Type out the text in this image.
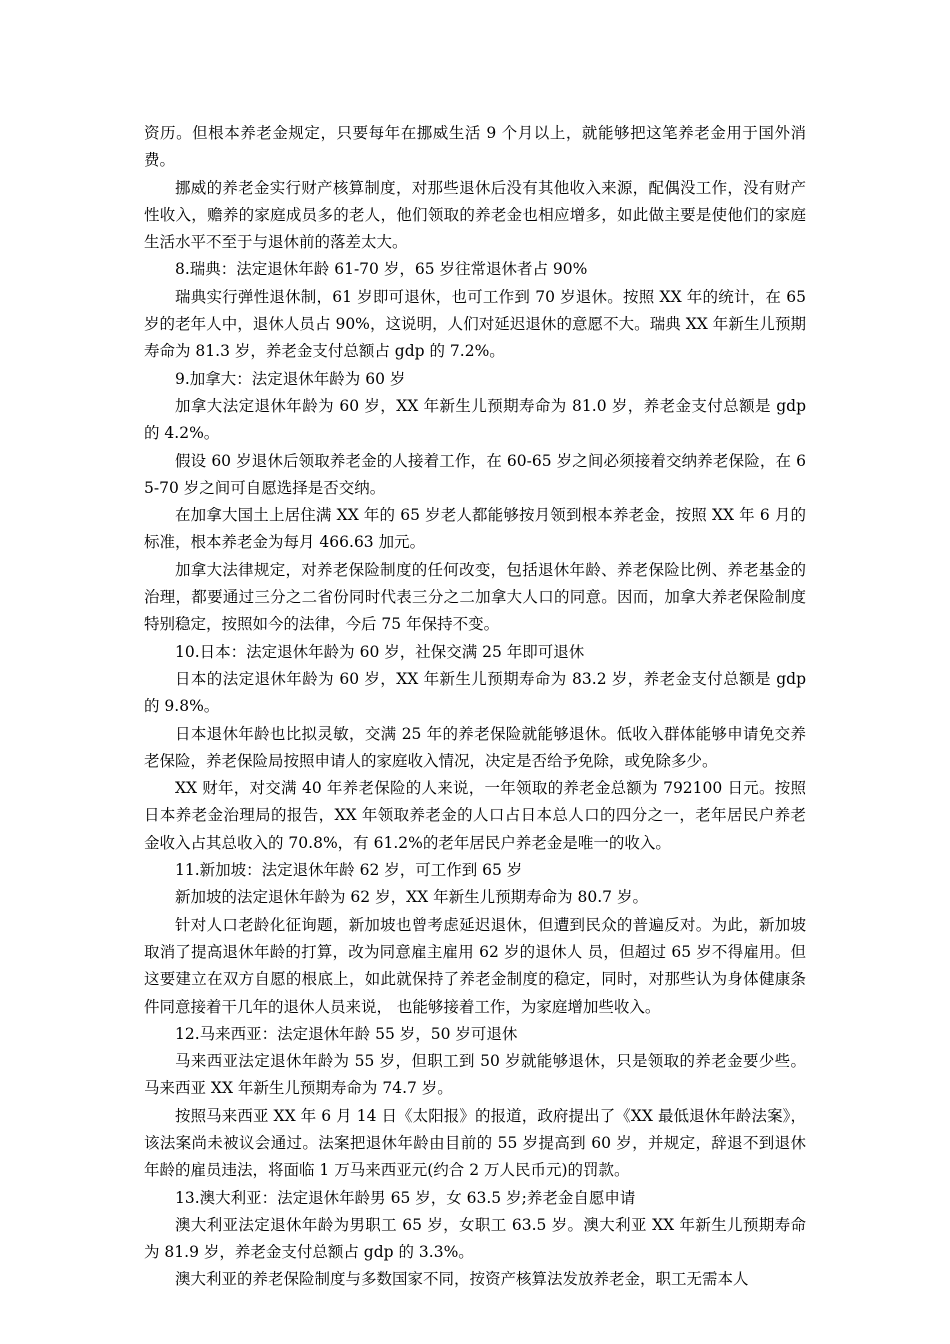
资历。但根本养老金规定，只要每年在挪威生活 9 个月以上，就能够把这笔养老金用于国外消费。

挪威的养老金实行财产核算制度，对那些退休后没有其他收入来源，配偶没工作，没有财产性收入，赡养的家庭成员多的老人，他们领取的养老金也相应增多，如此做主要是使他们的家庭生活水平不至于与退休前的落差太大。

8.瑞典：法定退休年龄 61-70 岁，65 岁往常退休者占 90%

瑞典实行弹性退休制，61 岁即可退休，也可工作到 70 岁退休。按照 XX 年的统计，在 65 岁的老年人中，退休人员占 90%，这说明，人们对延迟退休的意愿不大。瑞典 XX 年新生儿预期寿命为 81.3 岁，养老金支付总额占 gdp 的 7.2%。

9.加拿大：法定退休年龄为 60 岁

加拿大法定退休年龄为 60 岁，XX 年新生儿预期寿命为 81.0 岁，养老金支付总额是 gdp 的 4.2%。

假设 60 岁退休后领取养老金的人接着工作，在 60-65 岁之间必须接着交纳养老保险，在 65-70 岁之间可自愿选择是否交纳。

在加拿大国土上居住满 XX 年的 65 岁老人都能够按月领到根本养老金，按照 XX 年 6 月的标准，根本养老金为每月 466.63 加元。

加拿大法律规定，对养老保险制度的任何改变，包括退休年龄、养老保险比例、养老基金的治理，都要通过三分之二省份同时代表三分之二加拿大人口的同意。因而，加拿大养老保险制度特别稳定，按照如今的法律，今后 75 年保持不变。

10.日本：法定退休年龄为 60 岁，社保交满 25 年即可退休

日本的法定退休年龄为 60 岁，XX 年新生儿预期寿命为 83.2 岁，养老金支付总额是 gdp 的 9.8%。

日本退休年龄也比拟灵敏，交满 25 年的养老保险就能够退休。低收入群体能够申请免交养老保险，养老保险局按照申请人的家庭收入情况，决定是否给予免除，或免除多少。

XX 财年，对交满 40 年养老保险的人来说，一年领取的养老金总额为 792100 日元。按照日本养老金治理局的报告，XX 年领取养老金的人口占日本总人口的四分之一，老年居民户养老金收入占其总收入的 70.8%，有 61.2%的老年居民户养老金是唯一的收入。

11.新加坡：法定退休年龄 62 岁，可工作到 65 岁

新加坡的法定退休年龄为 62 岁，XX 年新生儿预期寿命为 80.7 岁。

针对人口老龄化征询题，新加坡也曾考虑延迟退休，但遭到民众的普遍反对。为此，新加坡取消了提高退休年龄的打算，改为同意雇主雇用 62 岁的退休人 员，但超过 65 岁不得雇用。但这要建立在双方自愿的根底上，如此就保持了养老金制度的稳定，同时，对那些认为身体健康条件同意接着干几年的退休人员来说， 也能够接着工作，为家庭增加些收入。

12.马来西亚：法定退休年龄 55 岁，50 岁可退休

马来西亚法定退休年龄为 55 岁，但职工到 50 岁就能够退休，只是领取的养老金要少些。马来西亚 XX 年新生儿预期寿命为 74.7 岁。

按照马来西亚 XX 年 6 月 14 日《太阳报》的报道，政府提出了《XX 最低退休年龄法案》，该法案尚未被议会通过。法案把退休年龄由目前的 55 岁提高到 60 岁，并规定，辞退不到退休年龄的雇员违法，将面临 1 万马来西亚元(约合 2 万人民币元)的罚款。

13.澳大利亚：法定退休年龄男 65 岁，女 63.5 岁;养老金自愿申请

澳大利亚法定退休年龄为男职工 65 岁，女职工 63.5 岁。澳大利亚 XX 年新生儿预期寿命为 81.9 岁，养老金支付总额占 gdp 的 3.3%。

澳大利亚的养老保险制度与多数国家不同，按资产核算法发放养老金，职工无需本人
